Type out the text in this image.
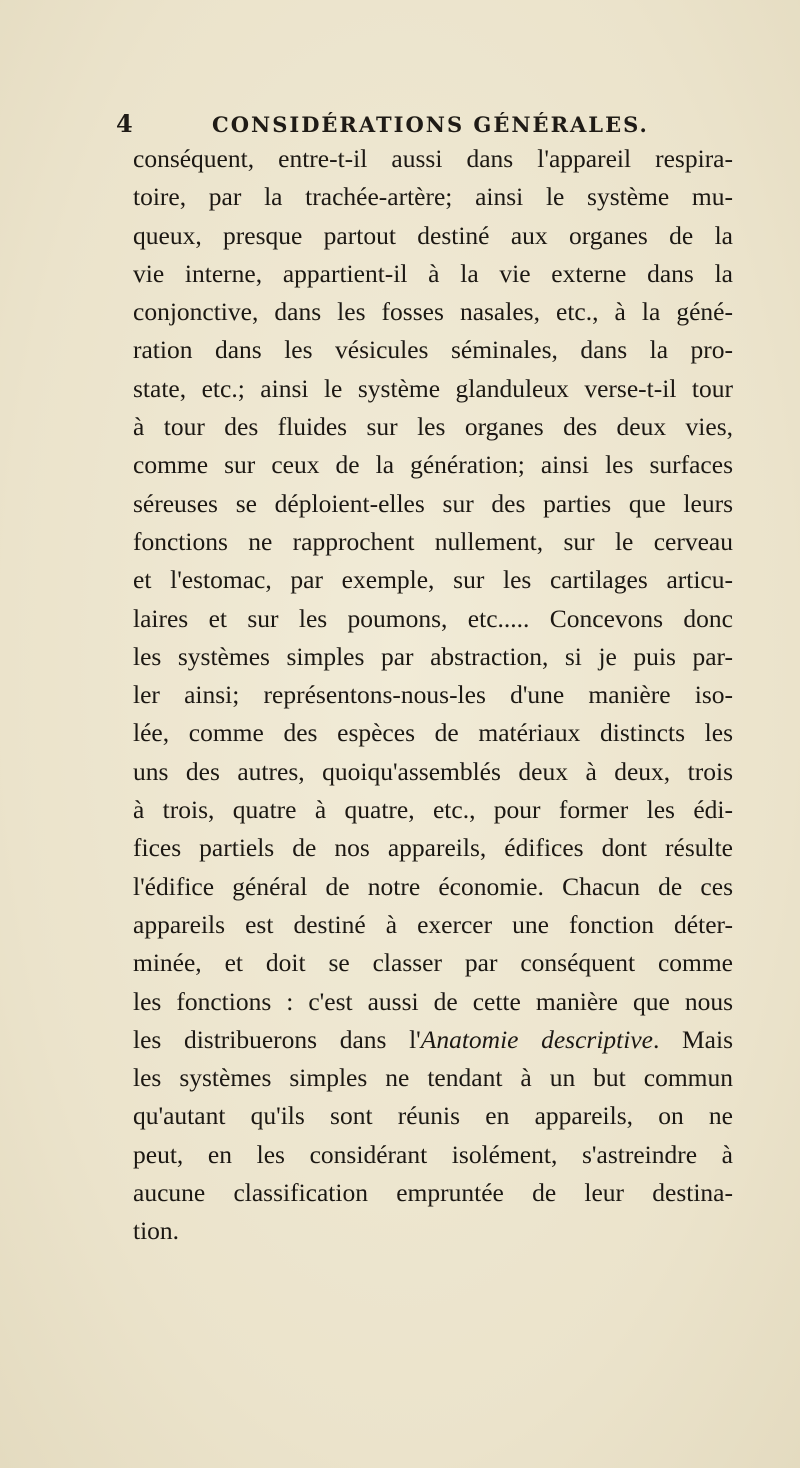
4	CONSIDÉRATIONS GÉNÉRALES.
conséquent, entre-t-il aussi dans l'appareil respira-
toire, par la trachée-artère; ainsi le système mu-
queux, presque partout destiné aux organes de la
vie interne, appartient-il à la vie externe dans la
conjonctive, dans les fosses nasales, etc., à la géné-
ration dans les vésicules séminales, dans la pro-
state, etc.; ainsi le système glanduleux verse-t-il tour
à tour des fluides sur les organes des deux vies,
comme sur ceux de la génération; ainsi les surfaces
séreuses se déploient-elles sur des parties que leurs
fonctions ne rapprochent nullement, sur le cerveau
et l'estomac, par exemple, sur les cartilages articu-
laires et sur les poumons, etc..... Concevons donc
les systèmes simples par abstraction, si je puis par-
ler ainsi; représentons-nous-les d'une manière iso-
lée, comme des espèces de matériaux distincts les
uns des autres, quoiqu'assemblés deux à deux, trois
à trois, quatre à quatre, etc., pour former les édi-
fices partiels de nos appareils, édifices dont résulte
l'édifice général de notre économie. Chacun de ces
appareils est destiné à exercer une fonction déter-
minée, et doit se classer par conséquent comme
les fonctions : c'est aussi de cette manière que nous
les distribuerons dans l'Anatomie descriptive. Mais
les systèmes simples ne tendant à un but commun
qu'autant qu'ils sont réunis en appareils, on ne
peut, en les considérant isolément, s'astreindre à
aucune classification empruntée de leur destina-
tion.
